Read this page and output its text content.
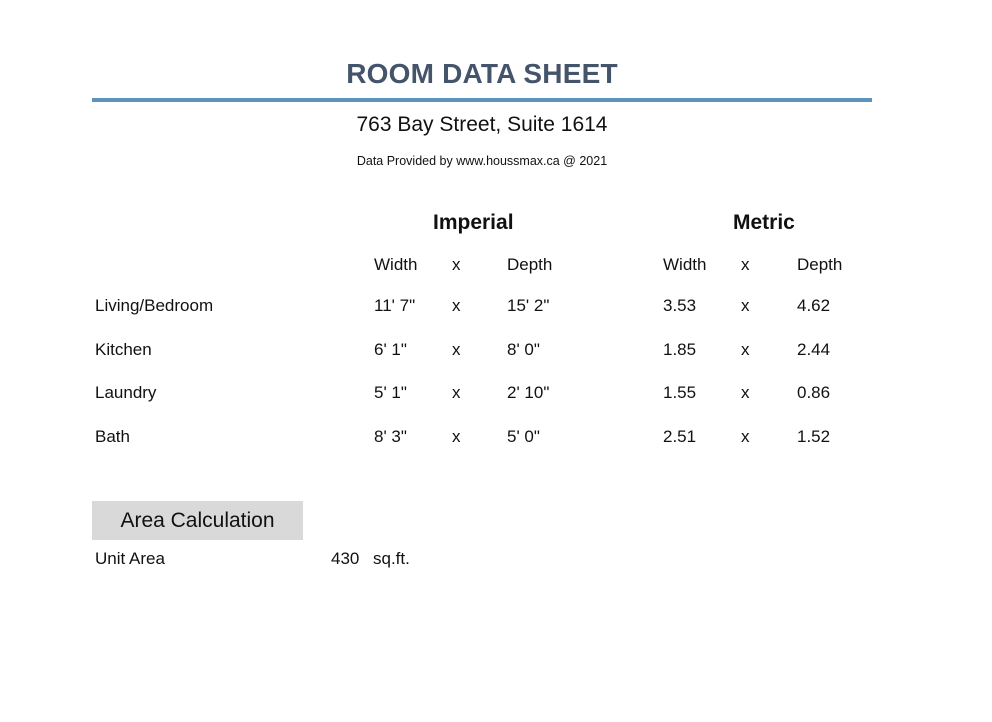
ROOM DATA SHEET
763 Bay Street, Suite 1614
Data Provided by www.houssmax.ca @ 2021
Imperial	Metric
Width x	Depth	Width x	Depth
Living/Bedroom	11' 7" x	15' 2"	3.53	x	4.62
Kitchen	6' 1"	x	8' 0"	1.85	x	2.44
Laundry	5' 1"	x	2' 10"	1.55	x	0.86
Bath	8' 3"	x	5' 0"	2.51	x	1.52
Area Calculation
Unit Area	430 sq.ft.
